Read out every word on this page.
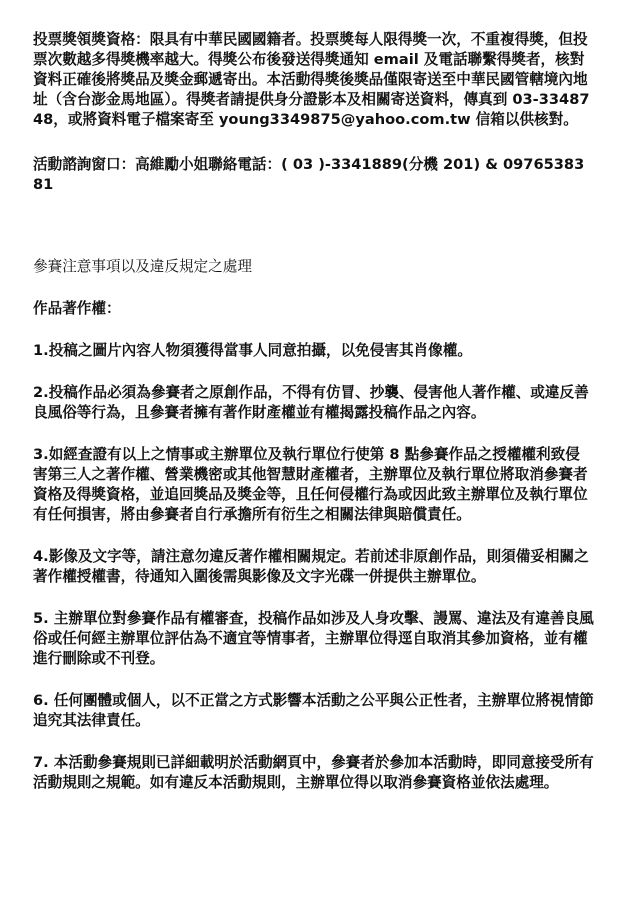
投票獎領獎資格：限具有中華民國國籍者。投票獎每人限得獎一次，不重複得獎，但投票次數越多得獎機率越大。得獎公布後發送得獎通知 email 及電話聯繫得獎者，核對資料正確後將獎品及獎金郵遞寄出。本活動得獎後獎品僅限寄送至中華民國管轄境內地址（含台澎金馬地區）。得獎者請提供身分證影本及相關寄送資料，傳真到 03-3348748，或將資料電子檔案寄至 young3349875@yahoo.com.tw 信箱以供核對。

活動諮詢窗口：高維勵小姐聯絡電話：( 03 )-3341889(分機 201) & 0976538381

參賽注意事項以及違反規定之處理

作品著作權：

1.投稿之圖片內容人物須獲得當事人同意拍攝，以免侵害其肖像權。

2.投稿作品必須為參賽者之原創作品，不得有仿冒、抄襲、侵害他人著作權、或違反善良風俗等行為，且參賽者擁有著作財產權並有權揭露投稿作品之內容。

3.如經查證有以上之情事或主辦單位及執行單位行使第 8 點參賽作品之授權權利致侵害第三人之著作權、營業機密或其他智慧財產權者，主辦單位及執行單位將取消參賽者資格及得獎資格，並追回獎品及獎金等，且任何侵權行為或因此致主辦單位及執行單位有任何損害，將由參賽者自行承擔所有衍生之相關法律與賠償責任。

4.影像及文字等，請注意勿違反著作權相關規定。若前述非原創作品，則須備妥相關之著作權授權書，待通知入圍後需與影像及文字光碟一併提供主辦單位。

5. 主辦單位對參賽作品有權審查，投稿作品如涉及人身攻擊、謾罵、違法及有違善良風俗或任何經主辦單位評估為不適宜等情事者，主辦單位得逕自取消其參加資格，並有權進行刪除或不刊登。

6. 任何團體或個人，以不正當之方式影響本活動之公平與公正性者，主辦單位將視情節追究其法律責任。

7. 本活動參賽規則已詳細載明於活動網頁中，參賽者於參加本活動時，即同意接受所有活動規則之規範。如有違反本活動規則，主辦單位得以取消參賽資格並依法處理。
